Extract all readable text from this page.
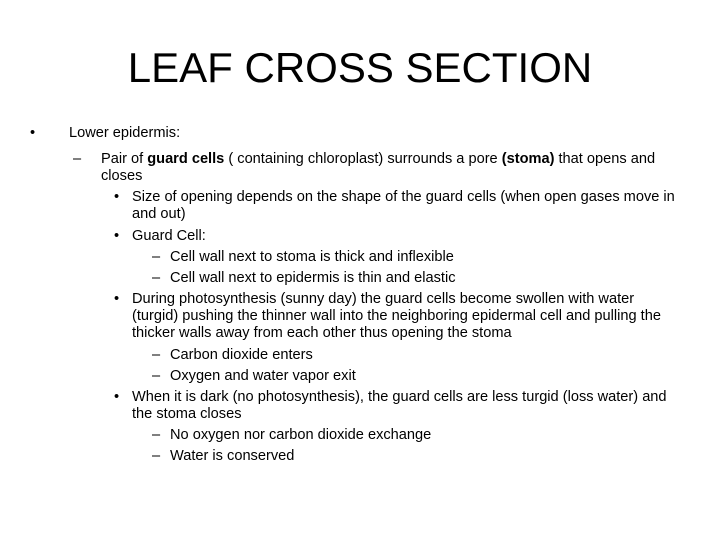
LEAF CROSS SECTION
• Lower epidermis:
– Pair of guard cells ( containing chloroplast) surrounds a pore (stoma) that opens and closes
• Size of opening depends on the shape of the guard cells (when open gases move in and out)
• Guard Cell:
– Cell wall next to stoma is thick and inflexible
– Cell wall next to epidermis is thin and elastic
• During photosynthesis (sunny day) the guard cells become swollen with water (turgid) pushing the thinner wall into the neighboring epidermal cell and pulling the thicker walls away from each other thus opening the stoma
– Carbon dioxide enters
– Oxygen and water vapor exit
• When it is dark (no photosynthesis), the guard cells are less turgid (loss water) and the stoma closes
– No oxygen nor carbon dioxide exchange
– Water is conserved
